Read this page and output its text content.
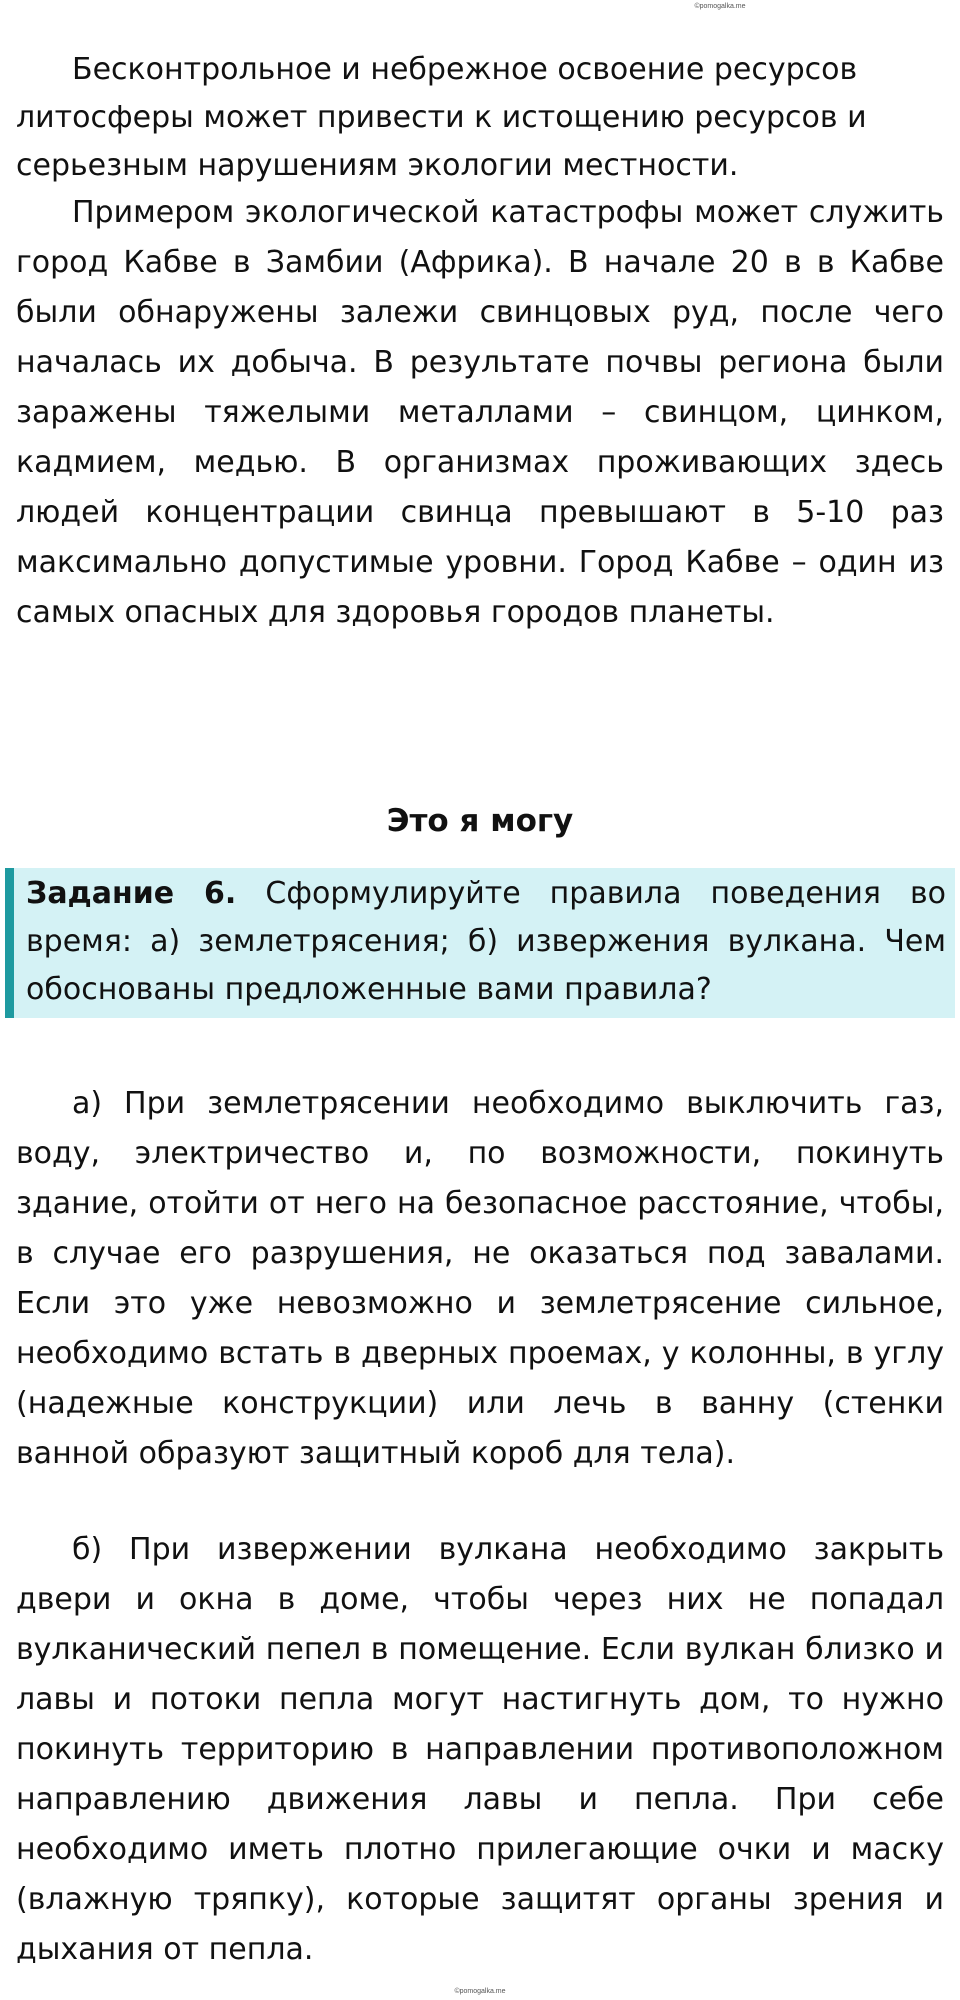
©pomogalka.me

Бесконтрольное и небрежное освоение ресурсов литосферы может привести к истощению ресурсов и серьезным нарушениям экологии местности.

Примером экологической катастрофы может служить город Кабве в Замбии (Африка). В начале 20 в в Кабве были обнаружены залежи свинцовых руд, после чего началась их добыча. В результате почвы региона были заражены тяжелыми металлами – свинцом, цинком, кадмием, медью. В организмах проживающих здесь людей концентрации свинца превышают в 5-10 раз максимально допустимые уровни. Город Кабве – один из самых опасных для здоровья городов планеты.

Это я могу

Задание 6. Сформулируйте правила поведения во время: а) землетрясения; б) извержения вулкана. Чем обоснованы предложенные вами правила?

а) При землетрясении необходимо выключить газ, воду, электричество и, по возможности, покинуть здание, отойти от него на безопасное расстояние, чтобы, в случае его разрушения, не оказаться под завалами. Если это уже невозможно и землетрясение сильное, необходимо встать в дверных проемах, у колонны, в углу (надежные конструкции) или лечь в ванну (стенки ванной образуют защитный короб для тела).

б) При извержении вулкана необходимо закрыть двери и окна в доме, чтобы через них не попадал вулканический пепел в помещение. Если вулкан близко и лавы и потоки пепла могут настигнуть дом, то нужно покинуть территорию в направлении противоположном направлению движения лавы и пепла. При себе необходимо иметь плотно прилегающие очки и маску (влажную тряпку), которые защитят органы зрения и дыхания от пепла.

©pomogalka.me
